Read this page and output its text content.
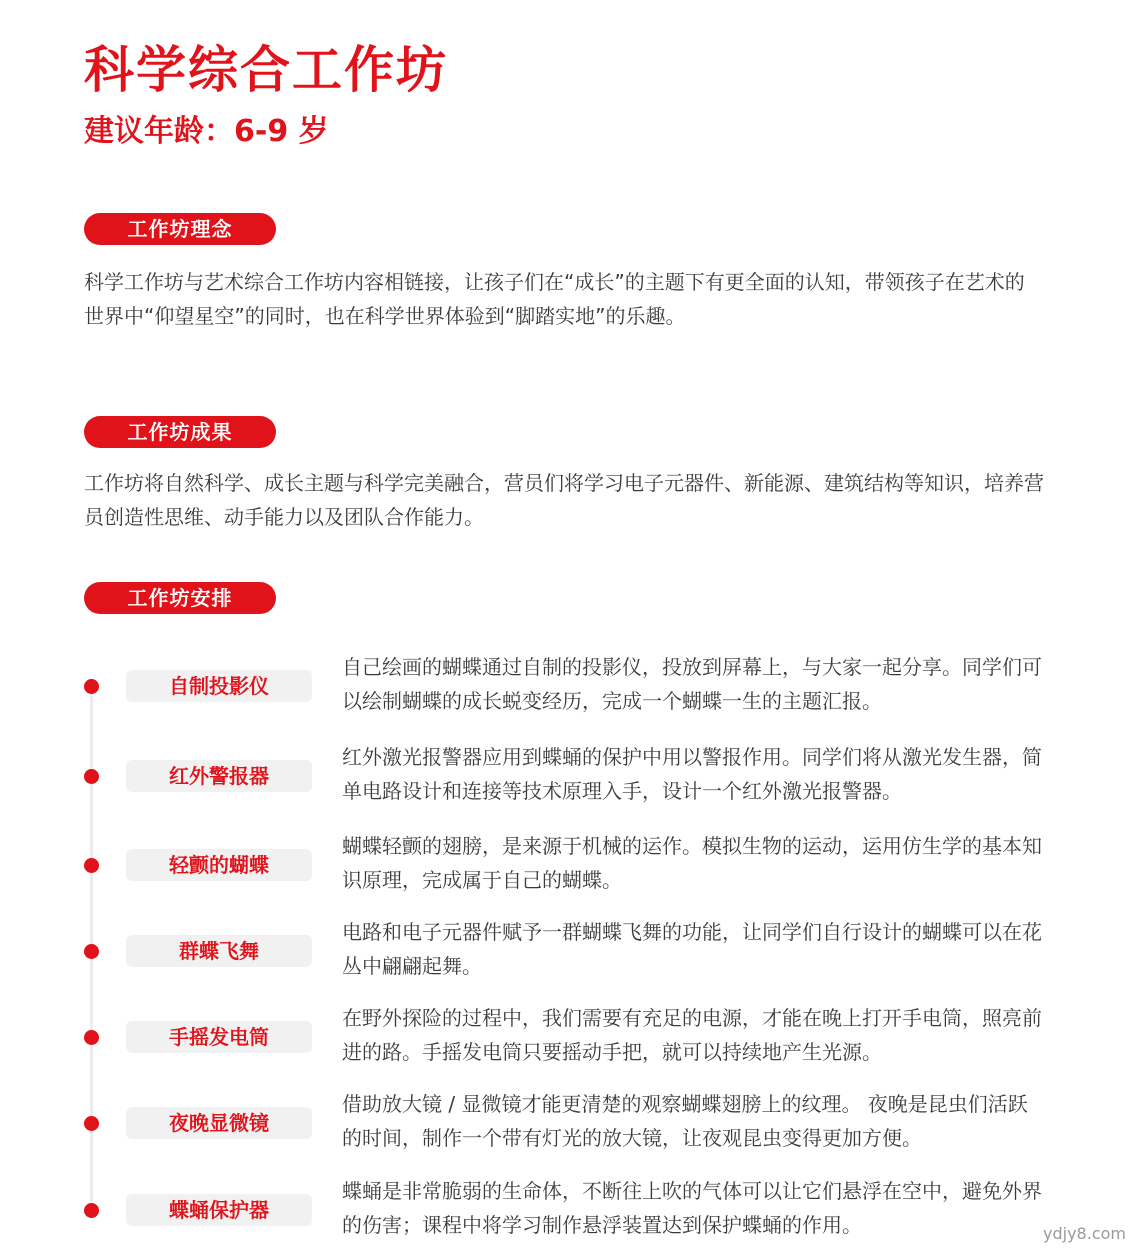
科学综合工作坊
建议年龄：6-9 岁
工作坊理念

科学工作坊与艺术综合工作坊内容相链接，让孩子们在“成长”的主题下有更全面的认知，带领孩子在艺术的世界中“仰望星空”的同时，也在科学世界体验到“脚踏实地”的乐趣。

工作坊成果

工作坊将自然科学、成长主题与科学完美融合，营员们将学习电子元器件、新能源、建筑结构等知识，培养营员创造性思维、动手能力以及团队合作能力。

工作坊安排
自制投影仪

自己绘画的蝴蝶通过自制的投影仪，投放到屏幕上，与大家一起分享。同学们可以绘制蝴蝶的成长蜕变经历，完成一个蝴蝶一生的主题汇报。

红外警报器

红外激光报警器应用到蝶蛹的保护中用以警报作用。同学们将从激光发生器，简单电路设计和连接等技术原理入手，设计一个红外激光报警器。

轻颤的蝴蝶

蝴蝶轻颤的翅膀，是来源于机械的运作。模拟生物的运动，运用仿生学的基本知识原理，完成属于自己的蝴蝶。

群蝶飞舞

电路和电子元器件赋予一群蝴蝶飞舞的功能，让同学们自行设计的蝴蝶可以在花丛中翩翩起舞。

手摇发电筒

在野外探险的过程中，我们需要有充足的电源，才能在晚上打开手电筒，照亮前进的路。手摇发电筒只要摇动手把，就可以持续地产生光源。

夜晚显微镜

借助放大镜 / 显微镜才能更清楚的观察蝴蝶翅膀上的纹理。 夜晚是昆虫们活跃的时间，制作一个带有灯光的放大镜，让夜观昆虫变得更加方便。

蝶蛹保护器

蝶蛹是非常脆弱的生命体，不断往上吹的气体可以让它们悬浮在空中，避免外界的伤害；课程中将学习制作悬浮装置达到保护蝶蛹的作用。	ydjy8.com
